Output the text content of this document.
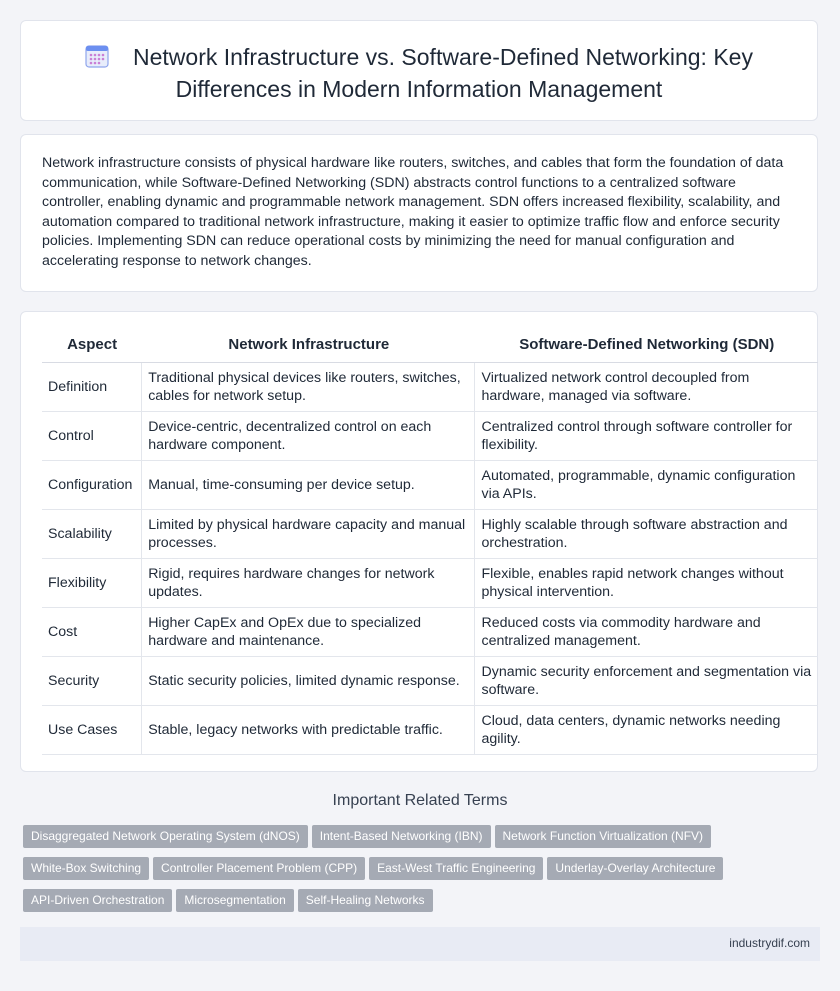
Network Infrastructure vs. Software-Defined Networking: Key
Differences in Modern Information Management

Network infrastructure consists of physical hardware like routers, switches, and cables that form the foundation of data communication, while Software-Defined Networking (SDN) abstracts control functions to a centralized software controller, enabling dynamic and programmable network management. SDN offers increased flexibility, scalability, and automation compared to traditional network infrastructure, making it easier to optimize traffic flow and enforce security policies. Implementing SDN can reduce operational costs by minimizing the need for manual configuration and accelerating response to network changes.

Aspect	Network Infrastructure	Software-Defined Networking (SDN)
Definition	Traditional physical devices like routers, switches, cables for network setup.	Virtualized network control decoupled from hardware, managed via software.
Control	Device-centric, decentralized control on each hardware component.	Centralized control through software controller for flexibility.
Configuration	Manual, time-consuming per device setup.	Automated, programmable, dynamic configuration via APIs.
Scalability	Limited by physical hardware capacity and manual processes.	Highly scalable through software abstraction and orchestration.
Flexibility	Rigid, requires hardware changes for network updates.	Flexible, enables rapid network changes without physical intervention.
Cost	Higher CapEx and OpEx due to specialized hardware and maintenance.	Reduced costs via commodity hardware and centralized management.
Security	Static security policies, limited dynamic response.	Dynamic security enforcement and segmentation via software.
Use Cases	Stable, legacy networks with predictable traffic.	Cloud, data centers, dynamic networks needing agility.
Important Related Terms
Disaggregated Network Operating System (dNOS) Intent-Based Networking (IBN) Network Function Virtualization (NFV)White-Box Switching Controller Placement Problem (CPP) East-West Traffic Engineering Underlay-Overlay ArchitectureAPI-Driven Orchestration Microsegmentation Self-Healing Networks
industrydif.com
